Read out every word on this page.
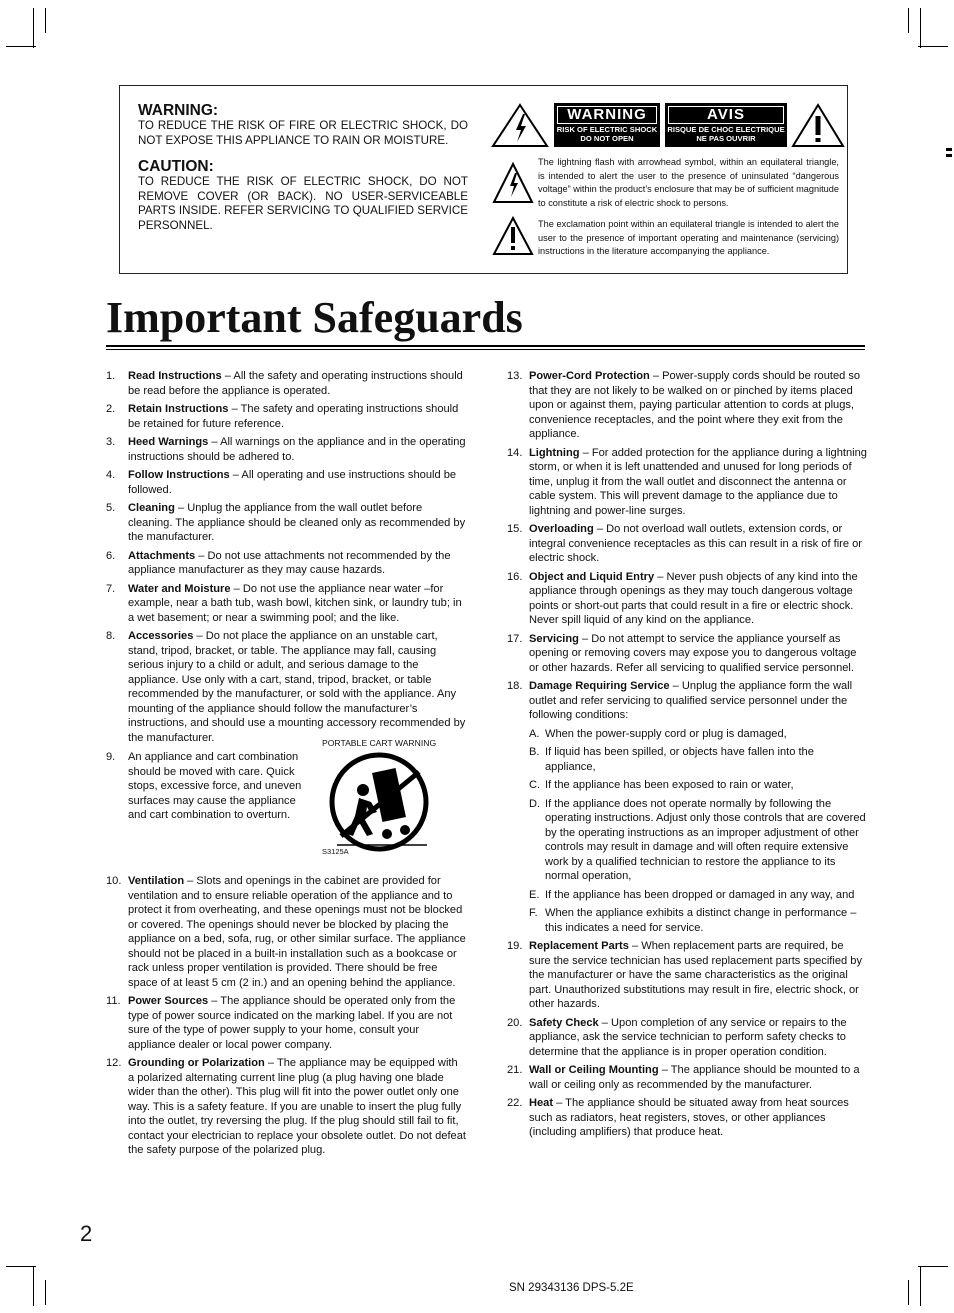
WARNING:
TO REDUCE THE RISK OF FIRE OR ELECTRIC SHOCK, DO NOT EXPOSE THIS APPLIANCE TO RAIN OR MOISTURE.
CAUTION:
TO REDUCE THE RISK OF ELECTRIC SHOCK, DO NOT REMOVE COVER (OR BACK). NO USER-SERVICEABLE PARTS INSIDE. REFER SERVICING TO QUALIFIED SERVICE PERSONNEL.
WARNING
RISK OF ELECTRIC SHOCK
DO NOT OPEN
AVIS
RISQUE DE CHOC ELECTRIQUE
NE PAS OUVRIR
The lightning flash with arrowhead symbol, within an equilateral triangle, is intended to alert the user to the presence of uninsulated “dangerous voltage” within the product’s enclosure that may be of sufficient magnitude to constitute a risk of electric shock to persons.
The exclamation point within an equilateral triangle is intended to alert the user to the presence of important operating and maintenance (servicing) instructions in the literature accompanying the appliance.
Important Safeguards
1. Read Instructions – All the safety and operating instructions should be read before the appliance is operated.
2. Retain Instructions – The safety and operating instructions should be retained for future reference.
3. Heed Warnings – All warnings on the appliance and in the operating instructions should be adhered to.
4. Follow Instructions – All operating and use instructions should be followed.
5. Cleaning – Unplug the appliance from the wall outlet before cleaning. The appliance should be cleaned only as recommended by the manufacturer.
6. Attachments – Do not use attachments not recommended by the appliance manufacturer as they may cause hazards.
7. Water and Moisture – Do not use the appliance near water –for example, near a bath tub, wash bowl, kitchen sink, or laundry tub; in a wet basement; or near a swimming pool; and the like.
8. Accessories – Do not place the appliance on an unstable cart, stand, tripod, bracket, or table. The appliance may fall, causing serious injury to a child or adult, and serious damage to the appliance. Use only with a cart, stand, tripod, bracket, or table recommended by the manufacturer, or sold with the appliance. Any mounting of the appliance should follow the manufacturer’s instructions, and should use a mounting accessory recommended by the manufacturer.
9. An appliance and cart combination should be moved with care. Quick stops, excessive force, and uneven surfaces may cause the appliance and cart combination to overturn.
PORTABLE CART WARNING
S3125A
10. Ventilation – Slots and openings in the cabinet are provided for ventilation and to ensure reliable operation of the appliance and to protect it from overheating, and these openings must not be blocked or covered. The openings should never be blocked by placing the appliance on a bed, sofa, rug, or other similar surface. The appliance should not be placed in a built-in installation such as a bookcase or rack unless proper ventilation is provided. There should be free space of at least 5 cm (2 in.) and an opening behind the appliance.
11. Power Sources – The appliance should be operated only from the type of power source indicated on the marking label. If you are not sure of the type of power supply to your home, consult your appliance dealer or local power company.
12. Grounding or Polarization – The appliance may be equipped with a polarized alternating current line plug (a plug having one blade wider than the other). This plug will fit into the power outlet only one way. This is a safety feature. If you are unable to insert the plug fully into the outlet, try reversing the plug. If the plug should still fail to fit, contact your electrician to replace your obsolete outlet. Do not defeat the safety purpose of the polarized plug.
13. Power-Cord Protection – Power-supply cords should be routed so that they are not likely to be walked on or pinched by items placed upon or against them, paying particular attention to cords at plugs, convenience receptacles, and the point where they exit from the appliance.
14. Lightning – For added protection for the appliance during a lightning storm, or when it is left unattended and unused for long periods of time, unplug it from the wall outlet and disconnect the antenna or cable system. This will prevent damage to the appliance due to lightning and power-line surges.
15. Overloading – Do not overload wall outlets, extension cords, or integral convenience receptacles as this can result in a risk of fire or electric shock.
16. Object and Liquid Entry – Never push objects of any kind into the appliance through openings as they may touch dangerous voltage points or short-out parts that could result in a fire or electric shock. Never spill liquid of any kind on the appliance.
17. Servicing – Do not attempt to service the appliance yourself as opening or removing covers may expose you to dangerous voltage or other hazards. Refer all servicing to qualified service personnel.
18. Damage Requiring Service – Unplug the appliance form the wall outlet and refer servicing to qualified service personnel under the following conditions:
A. When the power-supply cord or plug is damaged,
B. If liquid has been spilled, or objects have fallen into the appliance,
C. If the appliance has been exposed to rain or water,
D. If the appliance does not operate normally by following the operating instructions. Adjust only those controls that are covered by the operating instructions as an improper adjustment of other controls may result in damage and will often require extensive work by a qualified technician to restore the appliance to its normal operation,
E. If the appliance has been dropped or damaged in any way, and
F. When the appliance exhibits a distinct change in performance – this indicates a need for service.
19. Replacement Parts – When replacement parts are required, be sure the service technician has used replacement parts specified by the manufacturer or have the same characteristics as the original part. Unauthorized substitutions may result in fire, electric shock, or other hazards.
20. Safety Check – Upon completion of any service or repairs to the appliance, ask the service technician to perform safety checks to determine that the appliance is in proper operation condition.
21. Wall or Ceiling Mounting – The appliance should be mounted to a wall or ceiling only as recommended by the manufacturer.
22. Heat – The appliance should be situated away from heat sources such as radiators, heat registers, stoves, or other appliances (including amplifiers) that produce heat.
2
SN 29343136 DPS-5.2E
